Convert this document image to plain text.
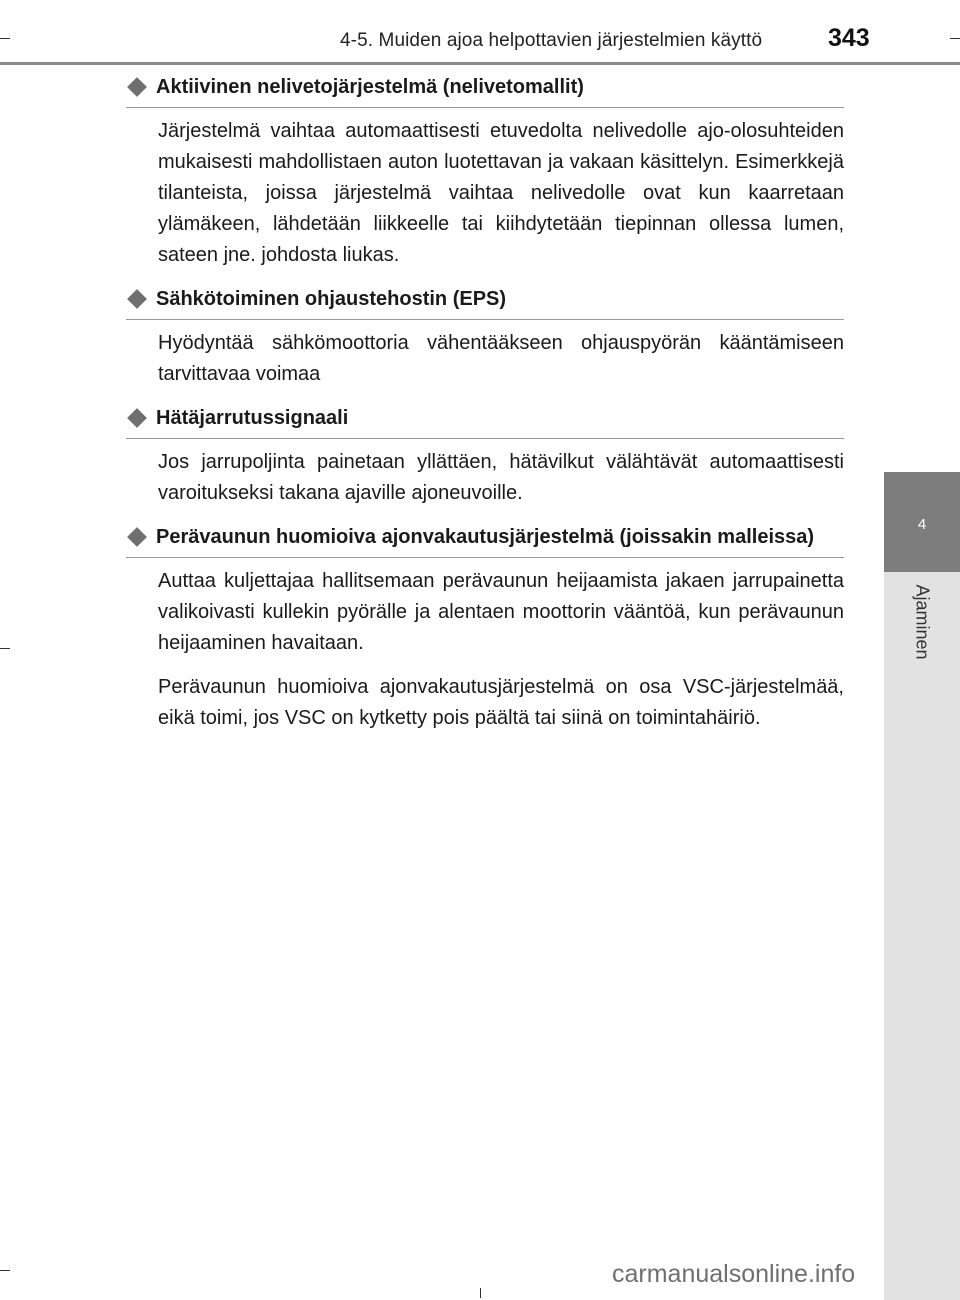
4-5. Muiden ajoa helpottavien järjestelmien käyttö	343
4
Ajaminen
Aktiivinen nelivetojärjestelmä (nelivetomallit)

Järjestelmä vaihtaa automaattisesti etuvedolta nelivedolle ajo-olosuhteiden mukaisesti mahdollistaen auton luotettavan ja vakaan käsittelyn. Esimerkkejä tilanteista, joissa järjestelmä vaihtaa nelivedolle ovat kun kaarretaan ylämäkeen, lähdetään liikkeelle tai kiihdytetään tiepinnan ollessa lumen, sateen jne. johdosta liukas.

Sähkötoiminen ohjaustehostin (EPS)

Hyödyntää sähkömoottoria vähentääkseen ohjauspyörän kääntämiseen tarvittavaa voimaa

Hätäjarrutussignaali

Jos jarrupoljinta painetaan yllättäen, hätävilkut välähtävät automaattisesti varoitukseksi takana ajaville ajoneuvoille.

Perävaunun huomioiva ajonvakautusjärjestelmä (joissakin malleissa)

Auttaa kuljettajaa hallitsemaan perävaunun heijaamista jakaen jarrupainetta valikoivasti kullekin pyörälle ja alentaen moottorin vääntöä, kun perävaunun heijaaminen havaitaan.

Perävaunun huomioiva ajonvakautusjärjestelmä on osa VSC-järjestelmää, eikä toimi, jos VSC on kytketty pois päältä tai siinä on toimintahäiriö.

carmanualsonline.info
